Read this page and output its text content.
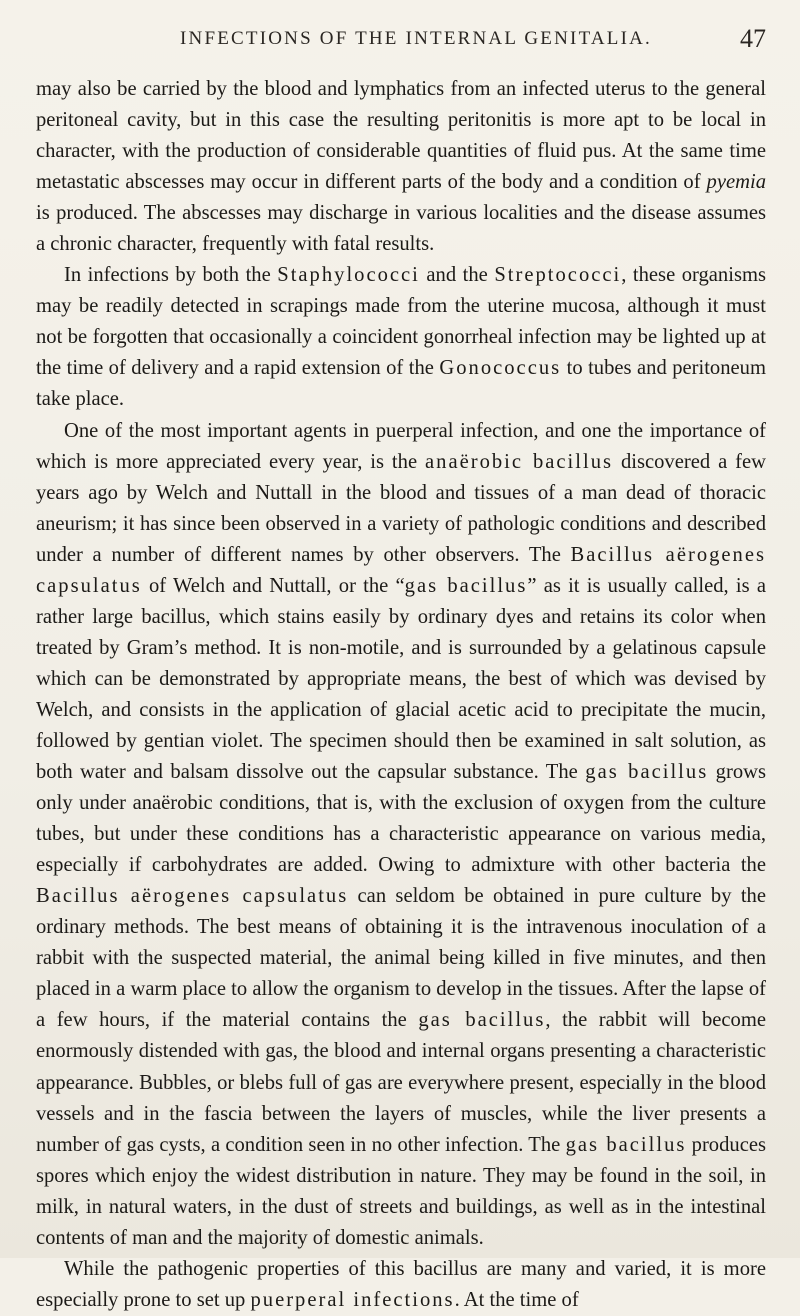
INFECTIONS OF THE INTERNAL GENITALIA.	47

may also be carried by the blood and lymphatics from an infected uterus to the general peritoneal cavity, but in this case the resulting peritonitis is more apt to be local in character, with the production of considerable quantities of fluid pus. At the same time metastatic abscesses may occur in different parts of the body and a condition of pyemia is produced. The abscesses may discharge in various localities and the disease assumes a chronic character, frequently with fatal results.

In infections by both the Staphylococci and the Streptococci, these organisms may be readily detected in scrapings made from the uterine mucosa, although it must not be forgotten that occasionally a coincident gonorrheal infection may be lighted up at the time of delivery and a rapid extension of the Gonococcus to tubes and peritoneum take place.

One of the most important agents in puerperal infection, and one the importance of which is more appreciated every year, is the anaërobic bacillus discovered a few years ago by Welch and Nuttall in the blood and tissues of a man dead of thoracic aneurism; it has since been observed in a variety of pathologic conditions and described under a number of different names by other observers. The Bacillus aërogenes capsulatus of Welch and Nuttall, or the “gas bacillus” as it is usually called, is a rather large bacillus, which stains easily by ordinary dyes and retains its color when treated by Gram’s method. It is non-motile, and is surrounded by a gelatinous capsule which can be demonstrated by appropriate means, the best of which was devised by Welch, and consists in the application of glacial acetic acid to precipitate the mucin, followed by gentian violet. The specimen should then be examined in salt solution, as both water and balsam dissolve out the capsular substance. The gas bacillus grows only under anaërobic conditions, that is, with the exclusion of oxygen from the culture tubes, but under these conditions has a characteristic appearance on various media, especially if carbohydrates are added. Owing to admixture with other bacteria the Bacillus aërogenes capsulatus can seldom be obtained in pure culture by the ordinary methods. The best means of obtaining it is the intravenous inoculation of a rabbit with the suspected material, the animal being killed in five minutes, and then placed in a warm place to allow the organism to develop in the tissues. After the lapse of a few hours, if the material contains the gas bacillus, the rabbit will become enormously distended with gas, the blood and internal organs presenting a characteristic appearance. Bubbles, or blebs full of gas are everywhere present, especially in the blood vessels and in the fascia between the layers of muscles, while the liver presents a number of gas cysts, a condition seen in no other infection. The gas bacillus produces spores which enjoy the widest distribution in nature. They may be found in the soil, in milk, in natural waters, in the dust of streets and buildings, as well as in the intestinal contents of man and the majority of domestic animals.

While the pathogenic properties of this bacillus are many and varied, it is more especially prone to set up puerperal infections. At the time of
